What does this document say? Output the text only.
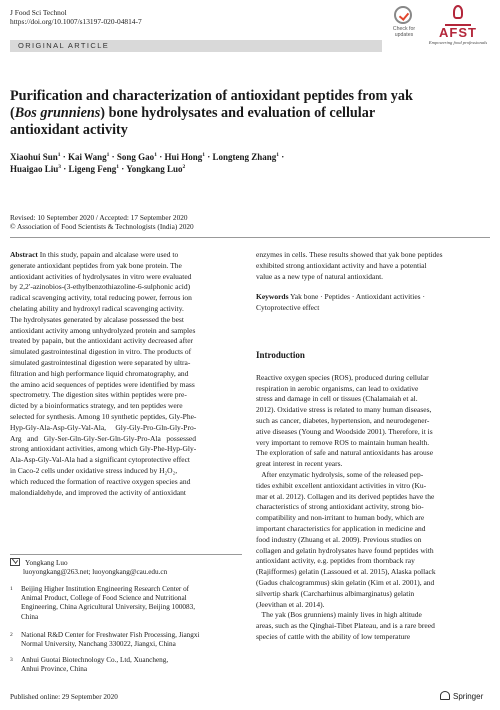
J Food Sci Technol
https://doi.org/10.1007/s13197-020-04814-7
Check for updates	AFST
Empowering food professionals
ORIGINAL ARTICLE
Purification and characterization of antioxidant peptides from yak
(Bos grunniens) bone hydrolysates and evaluation of cellular
antioxidant activity
Xiaohui Sun$^1$ · Kai Wang$^1$ · Song Gao$^1$ · Hui Hong$^1$ · Longteng Zhang$^1$ ·
Huaigao Liu$^3$ · Ligeng Feng$^1$ · Yongkang Luo$^2$
Revised: 10 September 2020 / Accepted: 17 September 2020
© Association of Food Scientists & Technologists (India) 2020
Abstract In this study, papain and alcalase were used to
generate antioxidant peptides from yak bone protein. The
antioxidant activities of hydrolysates in vitro were evaluated
by 2,2′-azinobios-(3-ethylbenzothiazoline-6-sulphonic acid)
radical scavenging activity, total reducing power, ferrous ion
chelating ability and hydroxyl radical scavenging activity.
The hydrolysates generated by alcalase possessed the best
antioxidant activity among unhydrolyzed protein and samples
treated by papain, but the antioxidant activity decreased after
simulated gastrointestinal digestion in vitro. The products of
simulated gastrointestinal digestion were separated by ultra-
filtration and high performance liquid chromatography, and
the amino acid sequences of peptides were identified by mass
spectrometry. The digestion sites within peptides were pre-
dicted by a bioinformatics strategy, and ten peptides were
selected for synthesis. Among 10 synthetic peptides, Gly-Phe-
Hyp-Gly-Ala-Asp-Gly-Val-Ala,     Gly-Gly-Pro-Gln-Gly-Pro-
Arg   and   Gly-Ser-Gln-Gly-Ser-Gln-Gly-Pro-Ala   possessed
strong antioxidant activities, among which Gly-Phe-Hyp-Gly-
Ala-Asp-Gly-Val-Ala had a significant cytoprotective effect
in Caco-2 cells under oxidative stress induced by H₂O₂,
which reduced the formation of reactive oxygen species and
malondialdehyde, and improved the activity of antioxidant
enzymes in cells. These results showed that yak bone peptides
exhibited strong antioxidant activity and have a potential
value as a new type of natural antioxidant.
Keywords Yak bone · Peptides · Antioxidant activities ·
Cytoprotective effect
Introduction
Reactive oxygen species (ROS), produced during cellular
respiration in aerobic organisms, can lead to oxidative
stress and damage in cell or tissues (Chalamaiah et al.
2012). Oxidative stress is related to many human diseases,
such as cancer, diabetes, hypertension, and neurodegener-
ative diseases (Young and Woodside 2001). Therefore, it is
very important to remove ROS to maintain human health.
The exploration of safe and natural antioxidants has arouse
great interest in recent years.
After enzymatic hydrolysis, some of the released pep-
tides exhibit excellent antioxidant activities in vitro (Ku-
mar et al. 2012). Collagen and its derived peptides have the
characteristics of strong antioxidant activity, strong bio-
compatibility and non-irritant to human body, which are
important characteristics for application in medicine and
food industry (Zhuang et al. 2009). Previous studies on
collagen and gelatin hydrolysates have found peptides with
antioxidant activity, e.g. peptides from thornback ray
(Rajifformes) gelatin (Lassoued et al. 2015), Alaska pollack
(Gadus chalcogrammus) skin gelatin (Kim et al. 2001), and
silvertip shark (Carcharhinus albimarginatus) gelatin
(Jeevithan et al. 2014).
The yak (Bos grunniens) mainly lives in high altitude
areas, such as the Qinghai-Tibet Plateau, and is a rare breed
species of cattle with the ability of low temperature
Yongkang Luo
luoyongkang@263.net; luoyongkang@cau.edu.cn
1 Beijing Higher Institution Engineering Research Center of
Animal Product, College of Food Science and Nutritional
Engineering, China Agricultural University, Beijing 100083,
China
2 National R&D Center for Freshwater Fish Processing, Jiangxi
Normal University, Nanchang 330022, Jiangxi, China
3 Anhui Guotai Biotechnology Co., Ltd, Xuancheng,
Anhui Province, China
Published online: 29 September 2020	Springer
